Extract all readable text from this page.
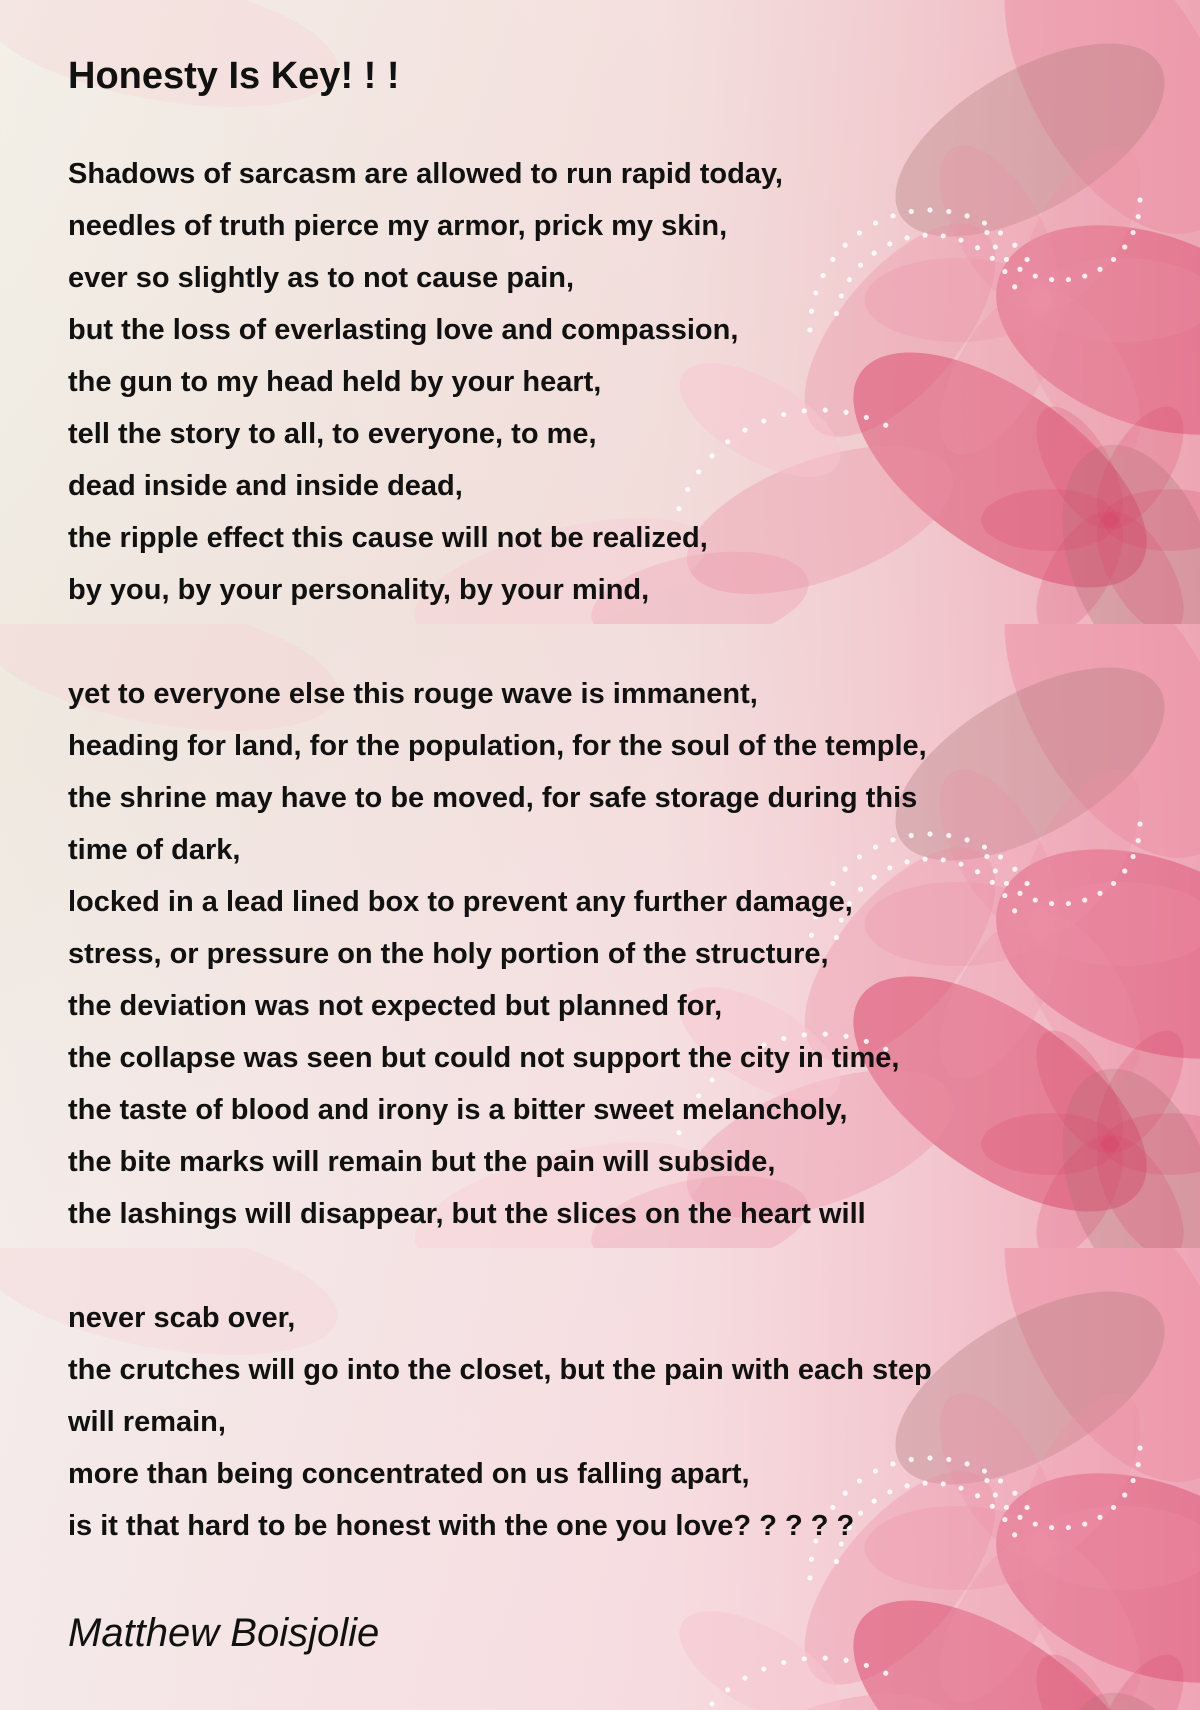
Honesty Is Key! ! !
Shadows of sarcasm are allowed to run rapid today,
needles of truth pierce my armor, prick my skin,
ever so slightly as to not cause pain,
but the loss of everlasting love and compassion,
the gun to my head held by your heart,
tell the story to all, to everyone, to me,
dead inside and inside dead,
the ripple effect this cause will not be realized,
by you, by your personality, by your mind,
yet to everyone else this rouge wave is immanent,
heading for land, for the population, for the soul of the temple,
the shrine may have to be moved, for safe storage during this
time of dark,
locked in a lead lined box to prevent any further damage,
stress, or pressure on the holy portion of the structure,
the deviation was not expected but planned for,
the collapse was seen but could not support the city in time,
the taste of blood and irony is a bitter sweet melancholy,
the bite marks will remain but the pain will subside,
the lashings will disappear, but the slices on the heart will
never scab over,
the crutches will go into the closet, but the pain with each step
will remain,
more than being concentrated on us falling apart,
is it that hard to be honest with the one you love? ? ? ? ?
Matthew Boisjolie
